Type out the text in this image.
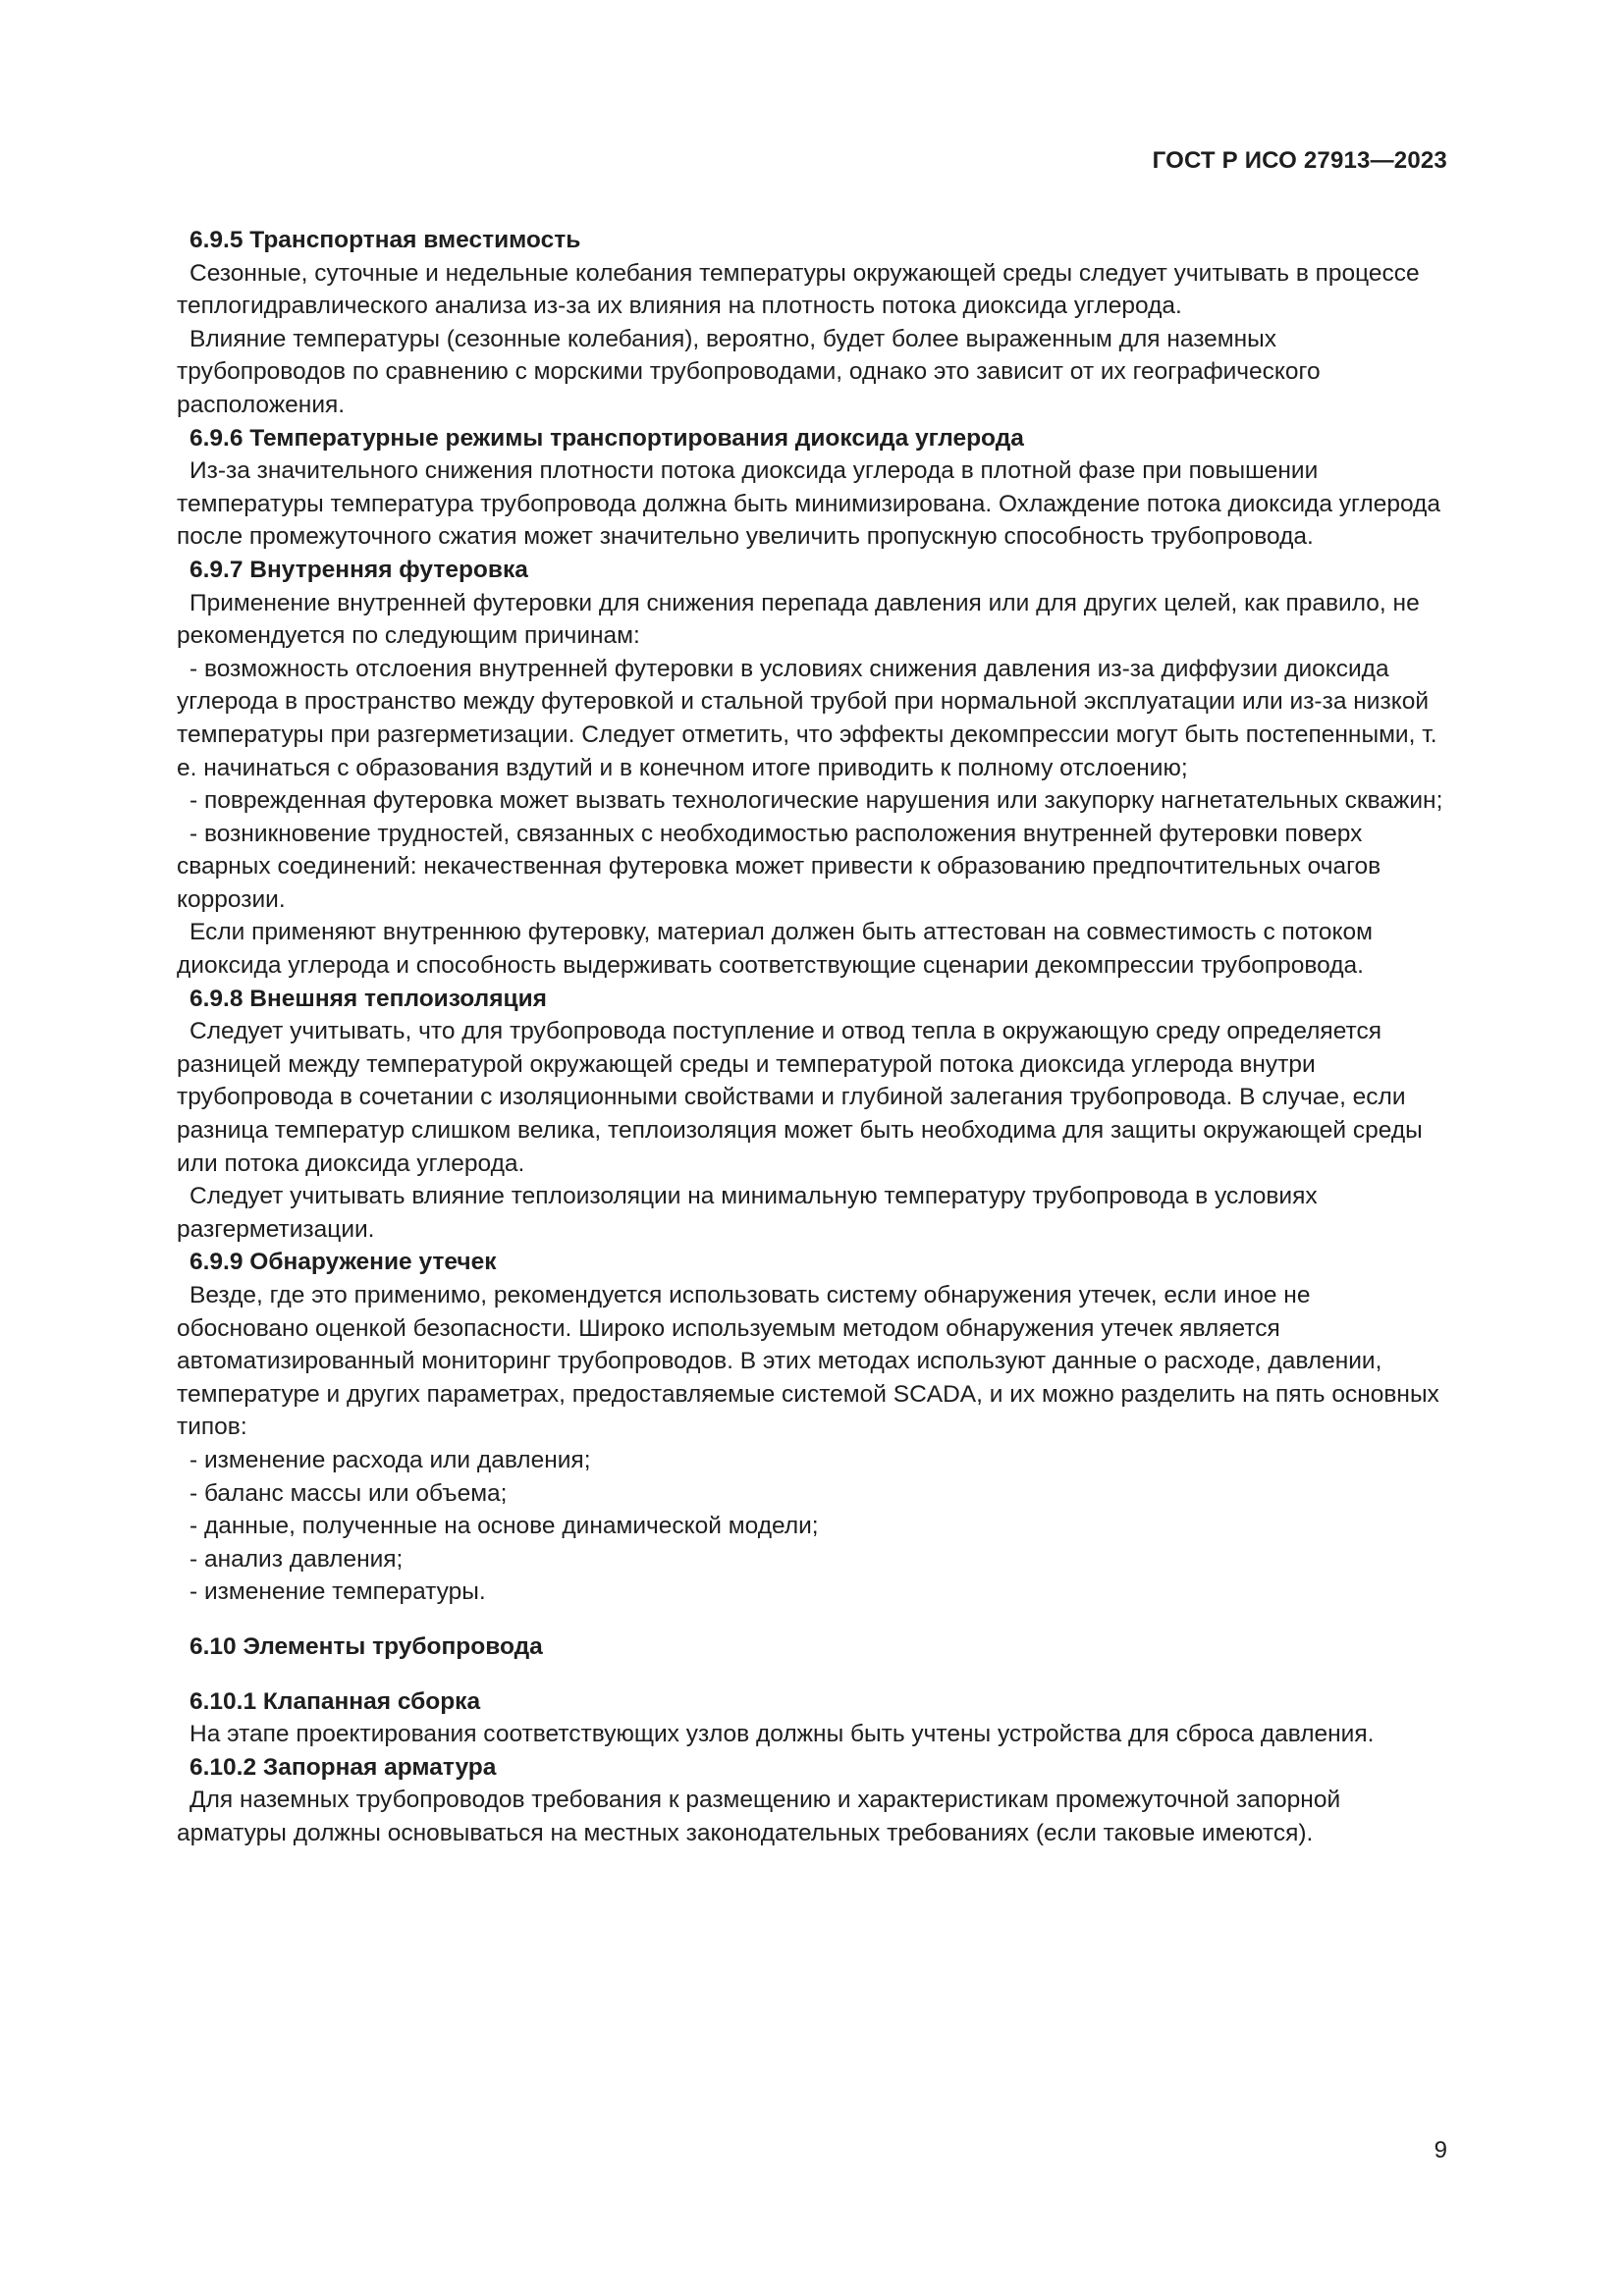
ГОСТ Р ИСО 27913—2023
6.9.5 Транспортная вместимость

Сезонные, суточные и недельные колебания температуры окружающей среды следует учитывать в процессе теплогидравлического анализа из-за их влияния на плотность потока диоксида углерода.

Влияние температуры (сезонные колебания), вероятно, будет более выраженным для наземных трубопроводов по сравнению с морскими трубопроводами, однако это зависит от их географического расположения.

6.9.6 Температурные режимы транспортирования диоксида углерода

Из-за значительного снижения плотности потока диоксида углерода в плотной фазе при повышении температуры температура трубопровода должна быть минимизирована. Охлаждение потока диоксида углерода после промежуточного сжатия может значительно увеличить пропускную способность трубопровода.

6.9.7 Внутренняя футеровка

Применение внутренней футеровки для снижения перепада давления или для других целей, как правило, не рекомендуется по следующим причинам:

- возможность отслоения внутренней футеровки в условиях снижения давления из-за диффузии диоксида углерода в пространство между футеровкой и стальной трубой при нормальной эксплуатации или из-за низкой температуры при разгерметизации. Следует отметить, что эффекты декомпрессии могут быть постепенными, т. е. начинаться с образования вздутий и в конечном итоге приводить к полному отслоению;
- поврежденная футеровка может вызвать технологические нарушения или закупорку нагнетательных скважин;
- возникновение трудностей, связанных с необходимостью расположения внутренней футеровки поверх сварных соединений: некачественная футеровка может привести к образованию предпочтительных очагов коррозии.

Если применяют внутреннюю футеровку, материал должен быть аттестован на совместимость с потоком диоксида углерода и способность выдерживать соответствующие сценарии декомпрессии трубопровода.

6.9.8 Внешняя теплоизоляция

Следует учитывать, что для трубопровода поступление и отвод тепла в окружающую среду определяется разницей между температурой окружающей среды и температурой потока диоксида углерода внутри трубопровода в сочетании с изоляционными свойствами и глубиной залегания трубопровода. В случае, если разница температур слишком велика, теплоизоляция может быть необходима для защиты окружающей среды или потока диоксида углерода.

Следует учитывать влияние теплоизоляции на минимальную температуру трубопровода в условиях разгерметизации.

6.9.9 Обнаружение утечек

Везде, где это применимо, рекомендуется использовать систему обнаружения утечек, если иное не обосновано оценкой безопасности. Широко используемым методом обнаружения утечек является автоматизированный мониторинг трубопроводов. В этих методах используют данные о расходе, давлении, температуре и других параметрах, предоставляемые системой SCADA, и их можно разделить на пять основных типов:

- изменение расхода или давления;
- баланс массы или объема;
- данные, полученные на основе динамической модели;
- анализ давления;
- изменение температуры.
6.10 Элементы трубопровода
6.10.1 Клапанная сборка

На этапе проектирования соответствующих узлов должны быть учтены устройства для сброса давления.

6.10.2 Запорная арматура

Для наземных трубопроводов требования к размещению и характеристикам промежуточной запорной арматуры должны основываться на местных законодательных требованиях (если таковые имеются).

9
